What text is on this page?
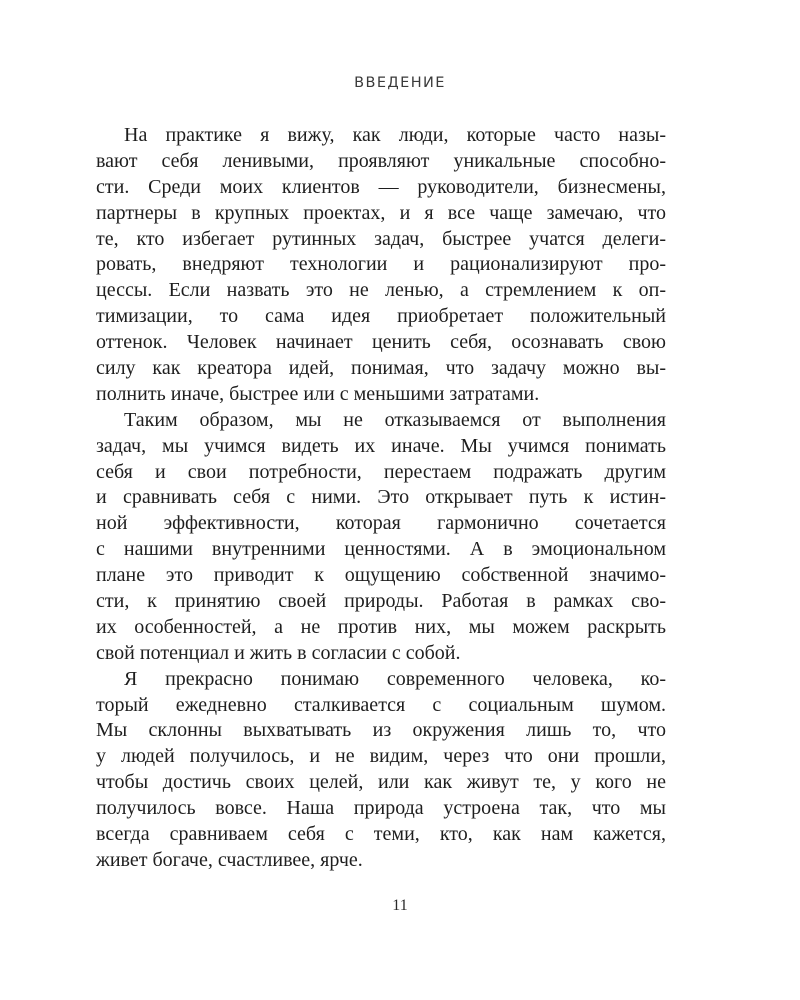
ВВЕДЕНИЕ
На практике я вижу, как люди, которые часто назы-
вают себя ленивыми, проявляют уникальные способно-
сти. Среди моих клиентов — руководители, бизнесмены,
партнеры в крупных проектах, и я все чаще замечаю, что
те, кто избегает рутинных задач, быстрее учатся делеги-
ровать, внедряют технологии и рационализируют про-
цессы. Если назвать это не ленью, а стремлением к оп-
тимизации, то сама идея приобретает положительный
оттенок. Человек начинает ценить себя, осознавать свою
силу как креатора идей, понимая, что задачу можно вы-
полнить иначе, быстрее или с меньшими затратами.
Таким образом, мы не отказываемся от выполнения
задач, мы учимся видеть их иначе. Мы учимся понимать
себя и свои потребности, перестаем подражать другим
и сравнивать себя с ними. Это открывает путь к истин-
ной эффективности, которая гармонично сочетается
с нашими внутренними ценностями. А в эмоциональном
плане это приводит к ощущению собственной значимо-
сти, к принятию своей природы. Работая в рамках сво-
их особенностей, а не против них, мы можем раскрыть
свой потенциал и жить в согласии с собой.
Я прекрасно понимаю современного человека, ко-
торый ежедневно сталкивается с социальным шумом.
Мы склонны выхватывать из окружения лишь то, что
у людей получилось, и не видим, через что они прошли,
чтобы достичь своих целей, или как живут те, у кого не
получилось вовсе. Наша природа устроена так, что мы
всегда сравниваем себя с теми, кто, как нам кажется,
живет богаче, счастливее, ярче.
11
